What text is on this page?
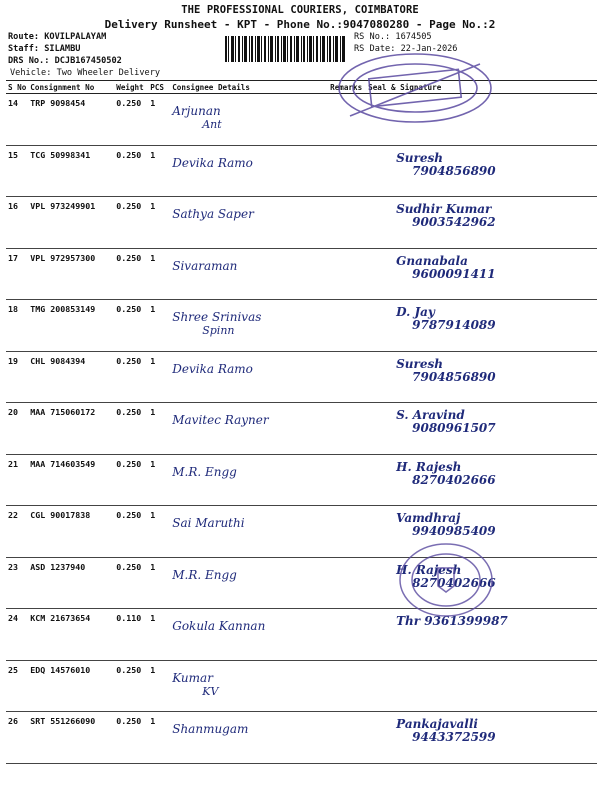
THE PROFESSIONAL COURIERS, COIMBATORE
Delivery Runsheet - KPT - Phone No.:9047080280 - Page No.:2
Route: KOVILPALAYAM
Staff: SILAMBU
DRS No.: DCJB167450502
Vehicle: Two Wheeler Delivery
RS No.: 1674505
RS Date: 22-Jan-2026
S No	Consignment No	Weight	PCS	Consignee Details	Remarks	Seal & Signature
14	TRP 9098454	0.250	1	Arjunan
Ant		

15	TCG 50998341	0.250	1	Devika Ramo		Suresh
7904856890

16	VPL 973249901	0.250	1	Sathya Saper		Sudhir Kumar
9003542962

17	VPL 972957300	0.250	1	Sivaraman		Gnanabala
9600091411

18	TMG 200853149	0.250	1	Shree Srinivas
Spinn		D. Jay
9787914089

19	CHL 9084394	0.250	1	Devika Ramo		Suresh
7904856890

20	MAA 715060172	0.250	1	Mavitec Rayner		S. Aravind
9080961507

21	MAA 714603549	0.250	1	M.R. Engg		H. Rajesh
8270402666

22	CGL 90017838	0.250	1	Sai Maruthi		Vamdhraj
9940985409

23	ASD 1237940	0.250	1	M.R. Engg		H. Rajesh
8270402666

24	KCM 21673654	0.110	1	Gokula Kannan		Thr 9361399987

25	EDQ 14576010	0.250	1	Kumar
KV		

26	SRT 551266090	0.250	1	Shanmugam		Pankajavalli
9443372599
